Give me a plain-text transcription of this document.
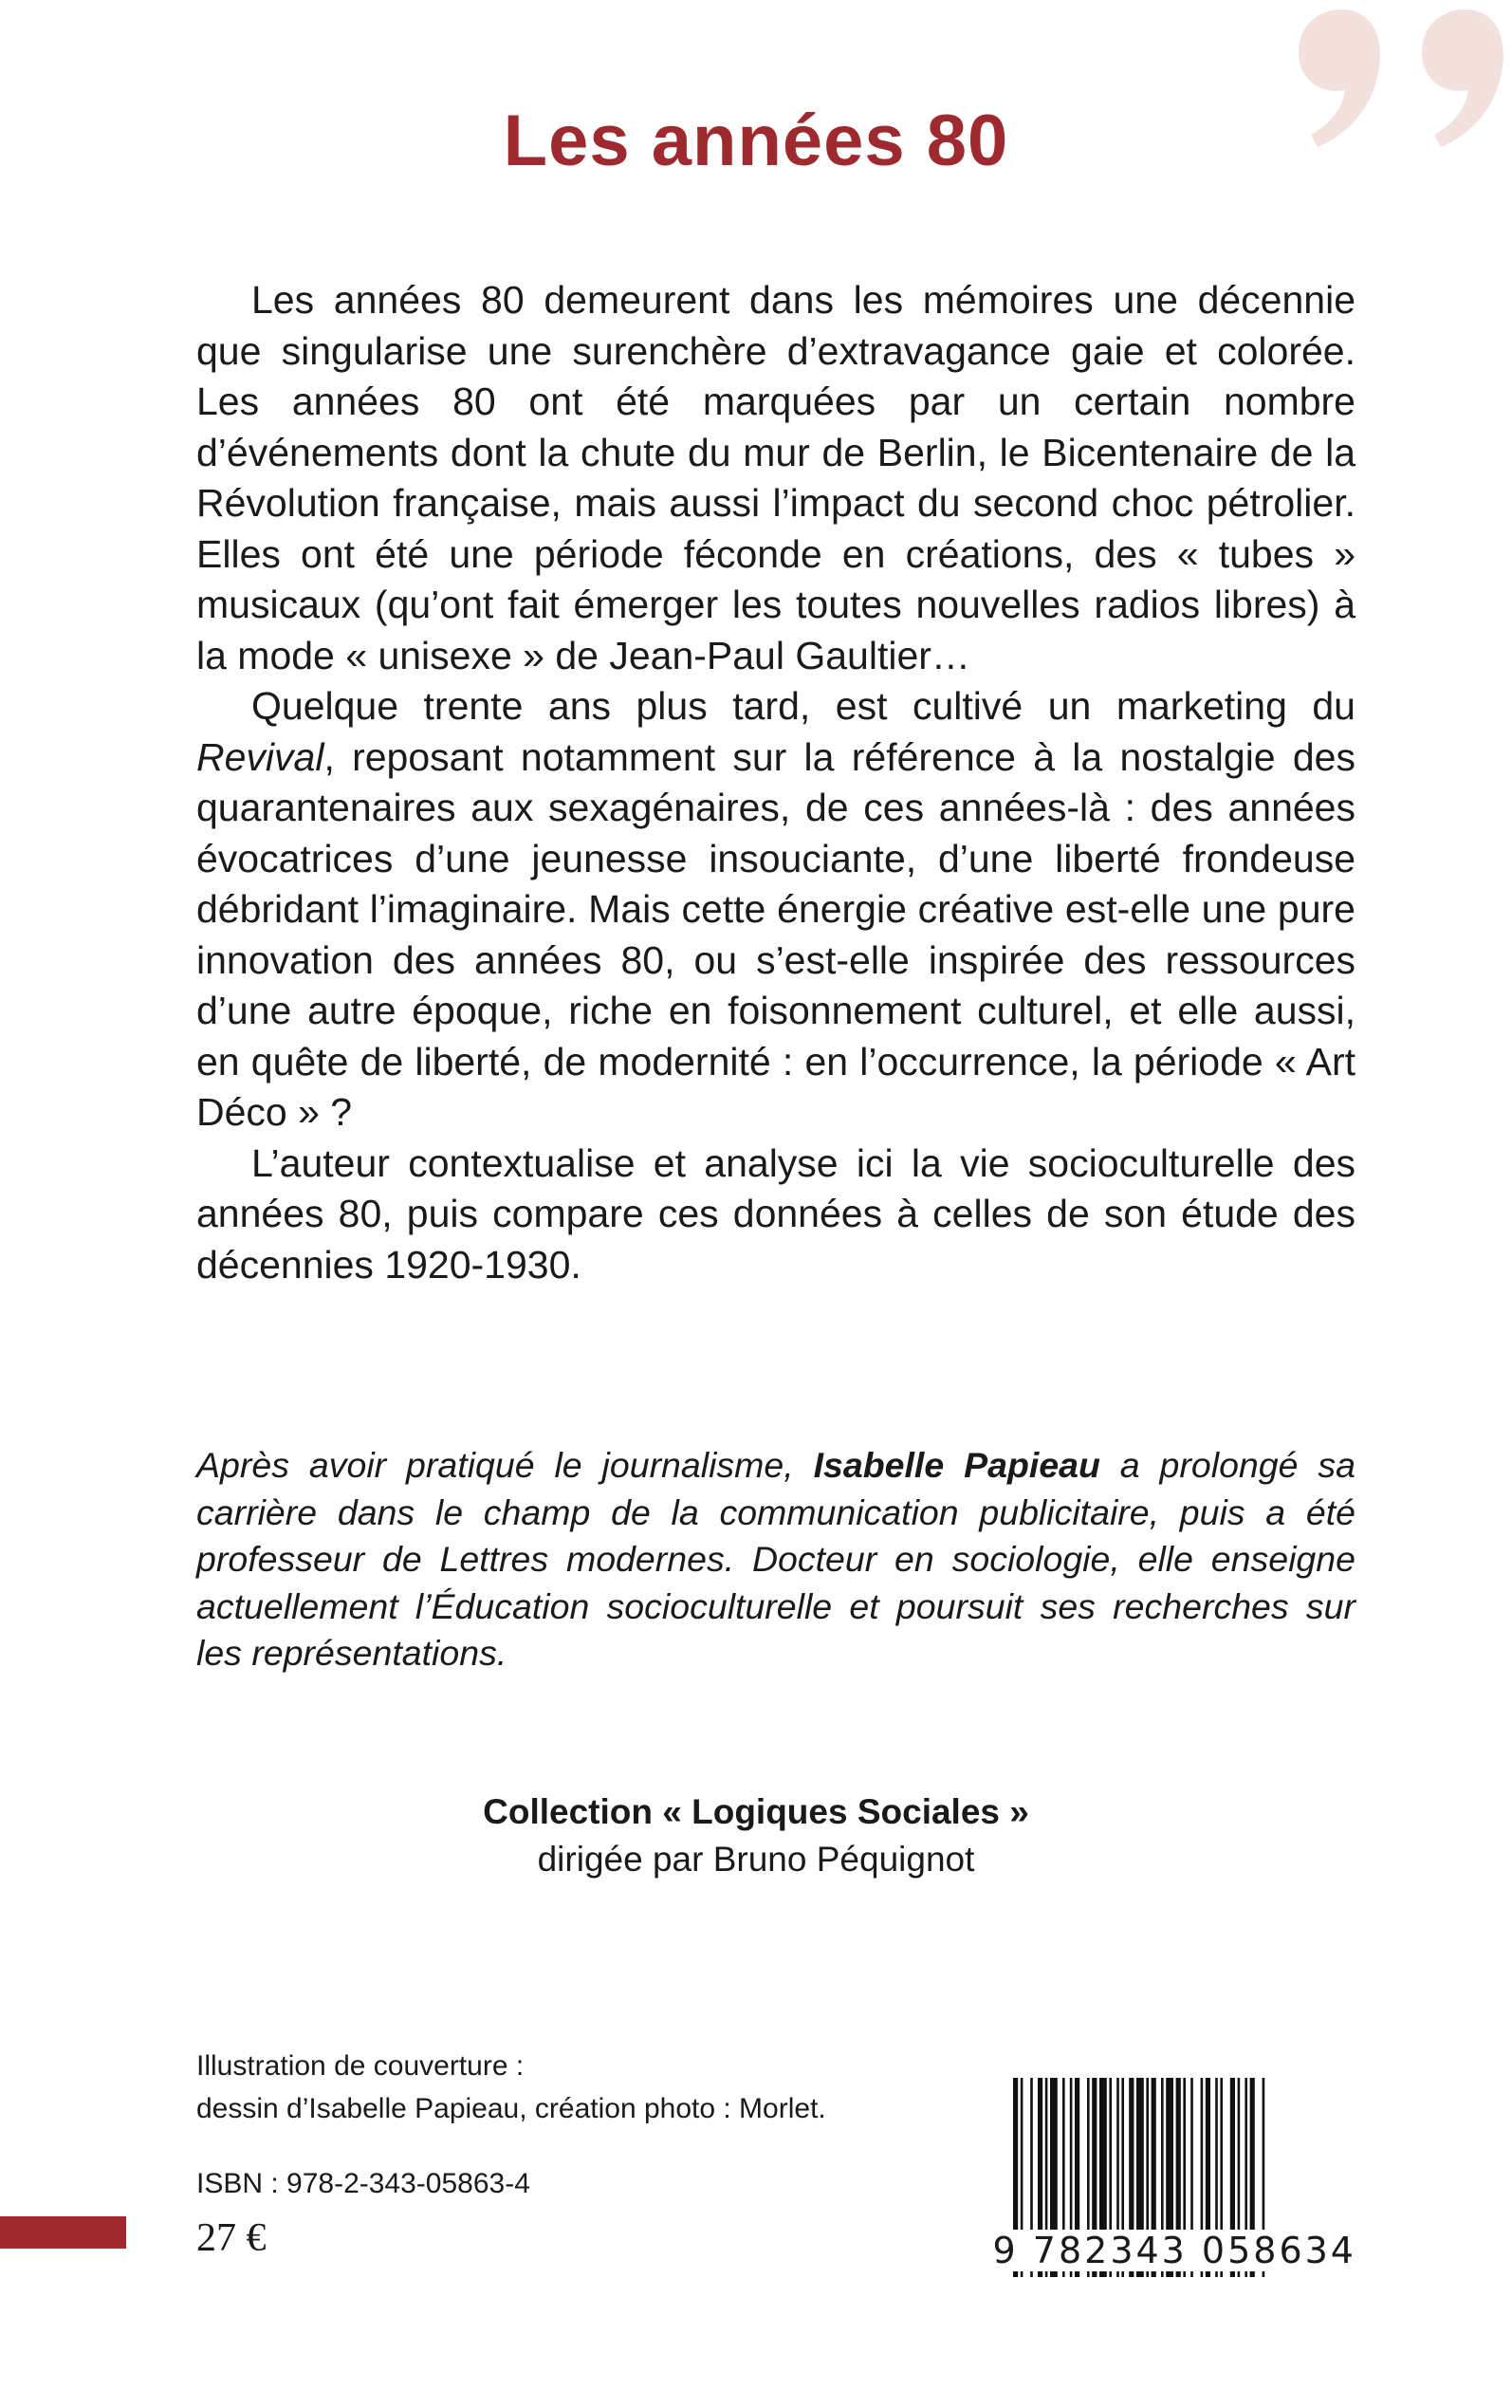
Les années 80

Les années 80 demeurent dans les mémoires une décennie que singularise une surenchère d’extravagance gaie et colorée. Les années 80 ont été marquées par un certain nombre d’événements dont la chute du mur de Berlin, le Bicentenaire de la Révolution française, mais aussi l’impact du second choc pétrolier. Elles ont été une période féconde en créations, des « tubes » musicaux (qu’ont fait émerger les toutes nouvelles radios libres) à la mode « unisexe » de Jean-Paul Gaultier…

Quelque trente ans plus tard, est cultivé un marketing du Revival, reposant notamment sur la référence à la nostalgie des quarantenaires aux sexagénaires, de ces années-là : des années évocatrices d’une jeunesse insouciante, d’une liberté frondeuse débridant l’imaginaire. Mais cette énergie créative est-elle une pure innovation des années 80, ou s’est-elle inspirée des ressources d’une autre époque, riche en foisonnement culturel, et elle aussi, en quête de liberté, de modernité : en l’occurrence, la période « Art Déco » ?

L’auteur contextualise et analyse ici la vie socioculturelle des années 80, puis compare ces données à celles de son étude des décennies 1920-1930.

Après avoir pratiqué le journalisme, Isabelle Papieau a prolongé sa carrière dans le champ de la communication publicitaire, puis a été professeur de Lettres modernes. Docteur en sociologie, elle enseigne actuellement l’Éducation socioculturelle et poursuit ses recherches sur les représentations.

Collection « Logiques Sociales »
dirigée par Bruno Péquignot
Illustration de couverture :
dessin d’Isabelle Papieau, création photo : Morlet.
ISBN : 978-2-343-05863-4
27 €	9 782343 058634
